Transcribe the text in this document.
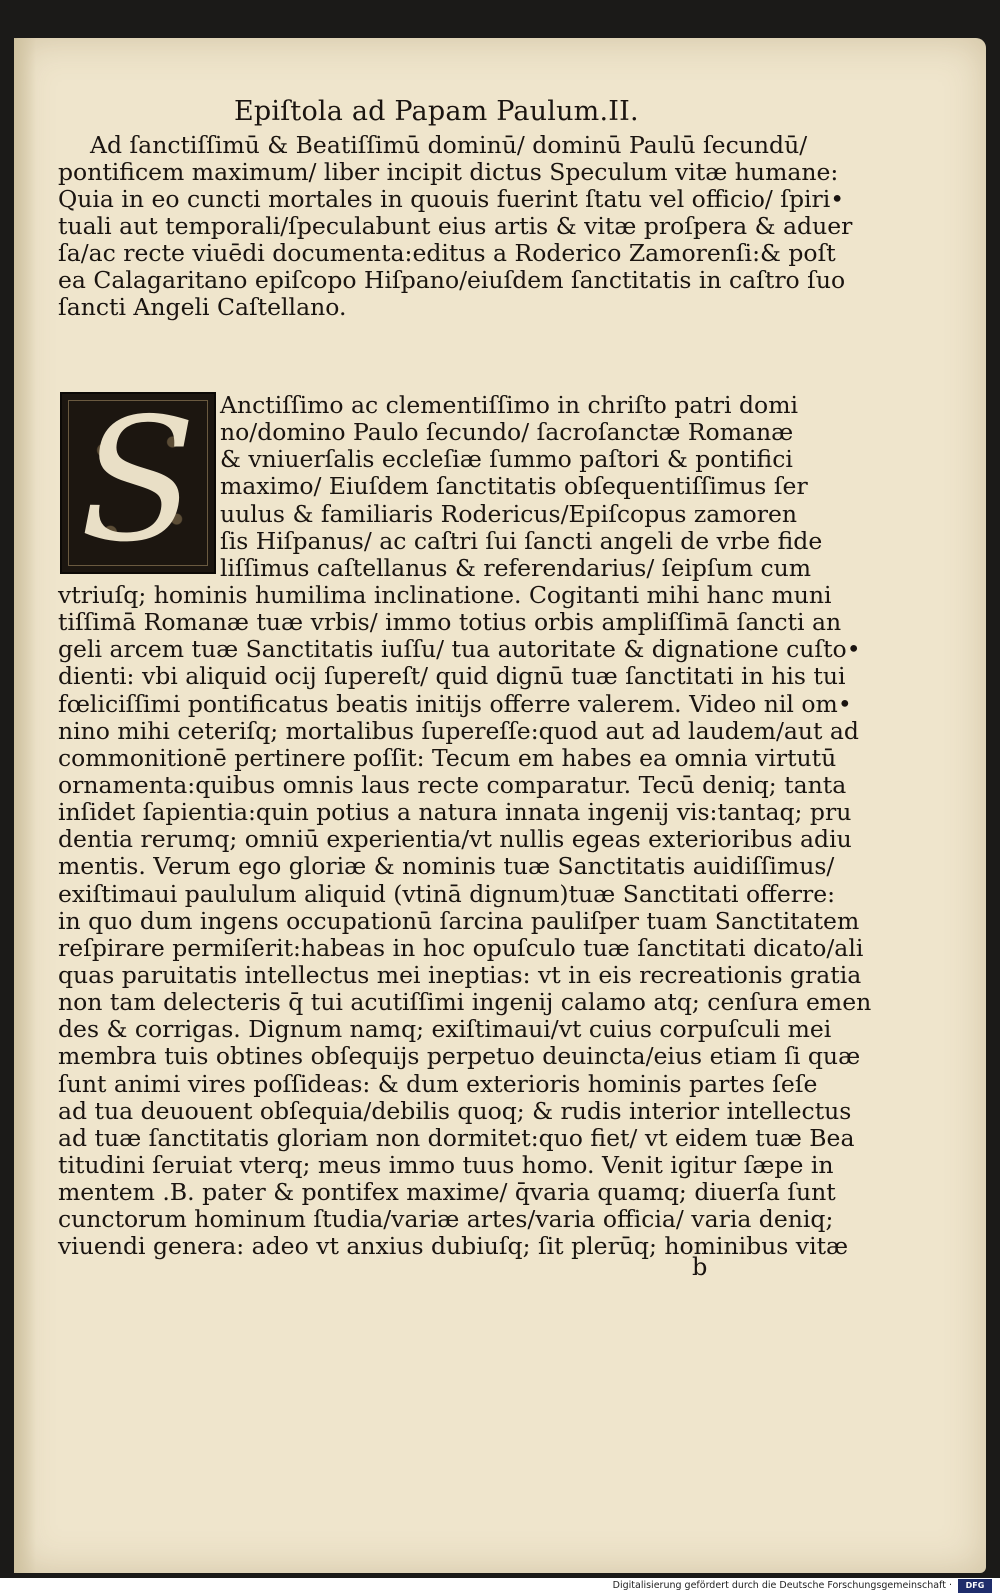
Epiſtola ad Papam Paulum.II.
Ad ſanctiſſimū & Beatiſſimū dominū/ dominū Paulū ſecundū/
pontificem maximum/ liber incipit dictus Speculum vitæ humane:
Quia in eo cuncti mortales in quouis fuerint ſtatu vel officio/ ſpiri•
tuali aut temporali/ſpeculabunt eius artis & vitæ proſpera & aduer
ſa/ac recte viuēdi documenta:editus a Roderico Zamorenſi:& poſt
ea Calagaritano epiſcopo Hiſpano/eiuſdem ſanctitatis in caſtro ſuo
ſancti Angeli Caſtellano.
S	Anctiſſimo ac clementiſſimo in chriſto patri domi
no/domino Paulo ſecundo/ ſacroſanctæ Romanæ
& vniuerſalis eccleſiæ ſummo paſtori & pontifici
maximo/ Eiuſdem ſanctitatis obſequentiſſimus ſer
uulus & familiaris Rodericus/Epiſcopus zamoren
ſis Hiſpanus/ ac caſtri ſui ſancti angeli de vrbe fide
liſſimus caſtellanus & referendarius/ ſeipſum cum
vtriuſq; hominis humilima inclinatione. Cogitanti mihi hanc muni
tiſſimā Romanæ tuæ vrbis/ immo totius orbis ampliſſimā ſancti an
geli arcem tuæ Sanctitatis iuſſu/ tua autoritate & dignatione cuſto•
dienti: vbi aliquid ocij ſupereſt/ quid dignū tuæ ſanctitati in his tui
fœliciſſimi pontificatus beatis initijs offerre valerem. Video nil om•
nino mihi ceteriſq; mortalibus ſupereſſe:quod aut ad laudem/aut ad
commonitionē pertinere poſſit: Tecum em habes ea omnia virtutū
ornamenta:quibus omnis laus recte comparatur. Tecū deniq; tanta
inſidet ſapientia:quin potius a natura innata ingenij vis:tantaq; pru
dentia rerumq; omniū experientia/vt nullis egeas exterioribus adiu
mentis. Verum ego gloriæ & nominis tuæ Sanctitatis auidiſſimus/
exiſtimaui paululum aliquid (vtinā dignum)tuæ Sanctitati offerre:
in quo dum ingens occupationū ſarcina pauliſper tuam Sanctitatem
reſpirare permiſerit:habeas in hoc opuſculo tuæ ſanctitati dicato/ali
quas paruitatis intellectus mei ineptias: vt in eis recreationis gratia
non tam delecteris q̄ tui acutiſſimi ingenij calamo atq; cenſura emen
des & corrigas. Dignum namq; exiſtimaui/vt cuius corpuſculi mei
membra tuis obtines obſequijs perpetuo deuincta/eius etiam ſi quæ
ſunt animi vires poſſideas: & dum exterioris hominis partes ſeſe
ad tua deuouent obſequia/debilis quoq; & rudis interior intellectus
ad tuæ ſanctitatis gloriam non dormitet:quo fiet/ vt eidem tuæ Bea
titudini ſeruiat vterq; meus immo tuus homo. Venit igitur ſæpe in
mentem .B. pater & pontifex maxime/ q̄varia quamq; diuerſa ſunt
cunctorum hominum ſtudia/variæ artes/varia officia/ varia deniq;
viuendi genera: adeo vt anxius dubiuſq; ſit plerūq; hominibus vitæ
b
Digitalisierung gefördert durch die Deutsche Forschungsgemeinschaft ·	DFG
